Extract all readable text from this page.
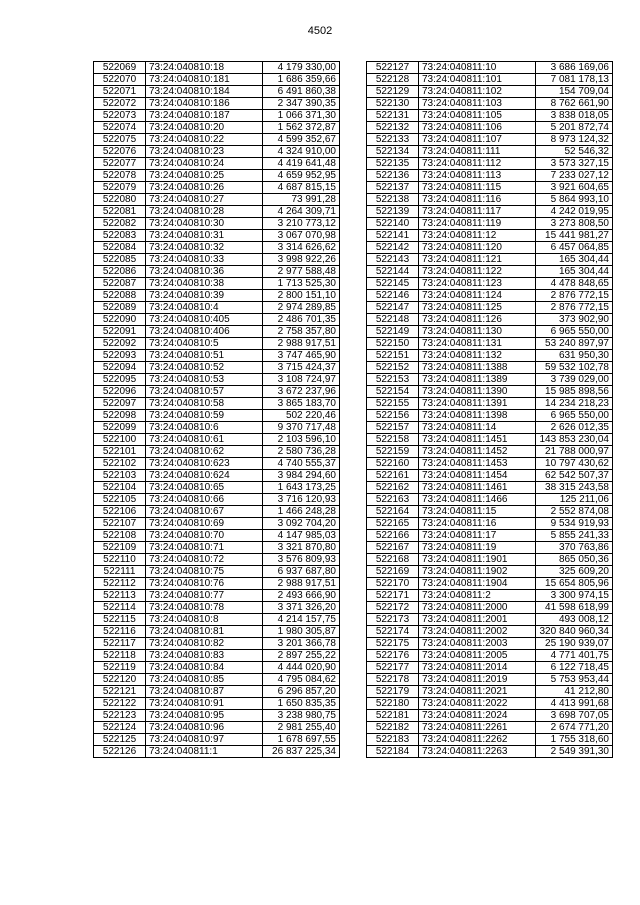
4502
522069	73:24:040810:18	4 179 330,00
522070	73:24:040810:181	1 686 359,66
522071	73:24:040810:184	6 491 860,38
522072	73:24:040810:186	2 347 390,35
522073	73:24:040810:187	1 066 371,30
522074	73:24:040810:20	1 562 372,87
522075	73:24:040810:22	4 599 352,67
522076	73:24:040810:23	4 324 910,00
522077	73:24:040810:24	4 419 641,48
522078	73:24:040810:25	4 659 952,95
522079	73:24:040810:26	4 687 815,15
522080	73:24:040810:27	73 991,28
522081	73:24:040810:28	4 264 309,71
522082	73:24:040810:30	3 210 773,12
522083	73:24:040810:31	3 067 070,98
522084	73:24:040810:32	3 314 626,62
522085	73:24:040810:33	3 998 922,26
522086	73:24:040810:36	2 977 588,48
522087	73:24:040810:38	1 713 525,30
522088	73:24:040810:39	2 800 151,10
522089	73:24:040810:4	2 974 289,85
522090	73:24:040810:405	2 486 701,35
522091	73:24:040810:406	2 758 357,80
522092	73:24:040810:5	2 988 917,51
522093	73:24:040810:51	3 747 465,90
522094	73:24:040810:52	3 715 424,37
522095	73:24:040810:53	3 108 724,97
522096	73:24:040810:57	3 672 237,96
522097	73:24:040810:58	3 865 183,70
522098	73:24:040810:59	502 220,46
522099	73:24:040810:6	9 370 717,48
522100	73:24:040810:61	2 103 596,10
522101	73:24:040810:62	2 580 736,28
522102	73:24:040810:623	4 740 555,37
522103	73:24:040810:624	3 984 294,60
522104	73:24:040810:65	1 643 173,25
522105	73:24:040810:66	3 716 120,93
522106	73:24:040810:67	1 466 248,28
522107	73:24:040810:69	3 092 704,20
522108	73:24:040810:70	4 147 985,03
522109	73:24:040810:71	3 321 870,80
522110	73:24:040810:72	3 576 809,93
522111	73:24:040810:75	6 937 687,80
522112	73:24:040810:76	2 988 917,51
522113	73:24:040810:77	2 493 666,90
522114	73:24:040810:78	3 371 326,20
522115	73:24:040810:8	4 214 157,75
522116	73:24:040810:81	1 980 305,87
522117	73:24:040810:82	3 201 366,78
522118	73:24:040810:83	2 897 255,22
522119	73:24:040810:84	4 444 020,90
522120	73:24:040810:85	4 795 084,62
522121	73:24:040810:87	6 296 857,20
522122	73:24:040810:91	1 650 835,35
522123	73:24:040810:95	3 238 980,75
522124	73:24:040810:96	2 981 255,40
522125	73:24:040810:97	1 678 697,55
522126	73:24:040811:1	26 837 225,34
522127	73:24:040811:10	3 686 169,06
522128	73:24:040811:101	7 081 178,13
522129	73:24:040811:102	154 709,04
522130	73:24:040811:103	8 762 661,90
522131	73:24:040811:105	3 838 018,05
522132	73:24:040811:106	5 201 872,74
522133	73:24:040811:107	8 973 124,32
522134	73:24:040811:111	52 546,32
522135	73:24:040811:112	3 573 327,15
522136	73:24:040811:113	7 233 027,12
522137	73:24:040811:115	3 921 604,65
522138	73:24:040811:116	5 864 993,10
522139	73:24:040811:117	4 242 019,95
522140	73:24:040811:119	3 273 808,50
522141	73:24:040811:12	15 441 981,27
522142	73:24:040811:120	6 457 064,85
522143	73:24:040811:121	165 304,44
522144	73:24:040811:122	165 304,44
522145	73:24:040811:123	4 478 848,65
522146	73:24:040811:124	2 876 772,15
522147	73:24:040811:125	2 876 772,15
522148	73:24:040811:126	373 902,90
522149	73:24:040811:130	6 965 550,00
522150	73:24:040811:131	53 240 897,97
522151	73:24:040811:132	631 950,30
522152	73:24:040811:1388	59 532 102,78
522153	73:24:040811:1389	3 739 029,00
522154	73:24:040811:1390	15 985 898,56
522155	73:24:040811:1391	14 234 218,23
522156	73:24:040811:1398	6 965 550,00
522157	73:24:040811:14	2 626 012,35
522158	73:24:040811:1451	143 853 230,04
522159	73:24:040811:1452	21 788 000,97
522160	73:24:040811:1453	10 797 430,62
522161	73:24:040811:1454	62 542 507,37
522162	73:24:040811:1461	38 315 243,58
522163	73:24:040811:1466	125 211,06
522164	73:24:040811:15	2 552 874,08
522165	73:24:040811:16	9 534 919,93
522166	73:24:040811:17	5 855 241,33
522167	73:24:040811:19	370 763,86
522168	73:24:040811:1901	865 050,36
522169	73:24:040811:1902	325 609,20
522170	73:24:040811:1904	15 654 805,96
522171	73:24:040811:2	3 300 974,15
522172	73:24:040811:2000	41 598 618,99
522173	73:24:040811:2001	493 008,12
522174	73:24:040811:2002	320 840 960,34
522175	73:24:040811:2003	25 190 939,07
522176	73:24:040811:2005	4 771 401,75
522177	73:24:040811:2014	6 122 718,45
522178	73:24:040811:2019	5 753 953,44
522179	73:24:040811:2021	41 212,80
522180	73:24:040811:2022	4 413 991,68
522181	73:24:040811:2024	3 698 707,05
522182	73:24:040811:2261	2 674 771,20
522183	73:24:040811:2262	1 755 318,60
522184	73:24:040811:2263	2 549 391,30
